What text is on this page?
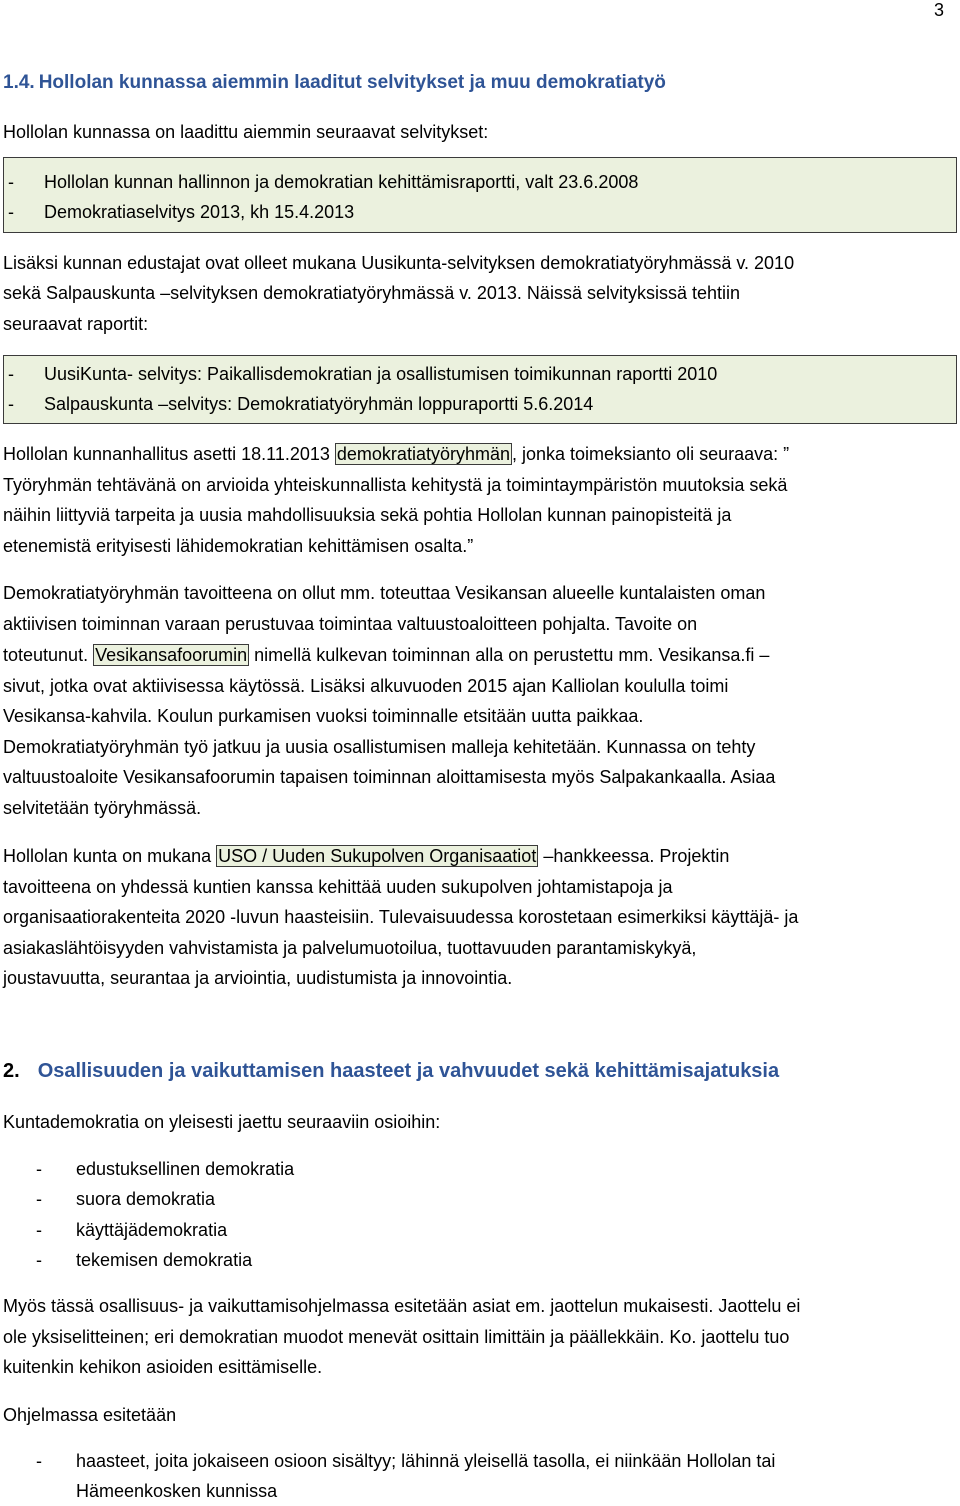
3
1.4. Hollolan kunnassa aiemmin laaditut selvitykset ja muu demokratiatyö
Hollolan kunnassa on laadittu aiemmin seuraavat selvitykset:
- Hollolan kunnan hallinnon ja demokratian kehittämisraportti, valt 23.6.2008
- Demokratiaselvitys 2013, kh 15.4.2013
Lisäksi kunnan edustajat ovat olleet mukana Uusikunta-selvityksen demokratiatyöryhmässä v. 2010
sekä Salpauskunta –selvityksen demokratiatyöryhmässä v. 2013. Näissä selvityksissä tehtiin
seuraavat raportit:
- UusiKunta- selvitys: Paikallisdemokratian ja osallistumisen toimikunnan raportti 2010
- Salpauskunta –selvitys: Demokratiatyöryhmän loppuraportti 5.6.2014
Hollolan kunnanhallitus asetti 18.11.2013 demokratiatyöryhmän , jonka toimeksianto oli seuraava: ”
Työryhmän tehtävänä on arvioida yhteiskunnallista kehitystä ja toimintaympäristön muutoksia sekä
näihin liittyviä tarpeita ja uusia mahdollisuuksia sekä pohtia Hollolan kunnan painopisteitä ja
etenemistä erityisesti lähidemokratian kehittämisen osalta.”
Demokratiatyöryhmän tavoitteena on ollut mm. toteuttaa Vesikansan alueelle kuntalaisten oman
aktiivisen toiminnan varaan perustuvaa toimintaa valtuustoaloitteen pohjalta. Tavoite on
toteutunut. Vesikansafoorumin nimellä kulkevan toiminnan alla on perustettu mm. Vesikansa.fi –
sivut, jotka ovat aktiivisessa käytössä. Lisäksi alkuvuoden 2015 ajan Kalliolan koululla toimi
Vesikansa-kahvila. Koulun purkamisen vuoksi toiminnalle etsitään uutta paikkaa.
Demokratiatyöryhmän työ jatkuu ja uusia osallistumisen malleja kehitetään. Kunnassa on tehty
valtuustoaloite Vesikansafoorumin tapaisen toiminnan aloittamisesta myös Salpakankaalla. Asiaa
selvitetään työryhmässä.
Hollolan kunta on mukana USO / Uuden Sukupolven Organisaatiot –hankkeessa. Projektin
tavoitteena on yhdessä kuntien kanssa kehittää uuden sukupolven johtamistapoja ja
organisaatiorakenteita 2020 -luvun haasteisiin. Tulevaisuudessa korostetaan esimerkiksi käyttäjä- ja
asiakaslähtöisyyden vahvistamista ja palvelumuotoilua, tuottavuuden parantamiskykyä,
joustavuutta, seurantaa ja arviointia, uudistumista ja innovointia.
2. Osallisuuden ja vaikuttamisen haasteet ja vahvuudet sekä kehittämisajatuksia
Kuntademokratia on yleisesti jaettu seuraaviin osioihin:
- edustuksellinen demokratia
- suora demokratia
- käyttäjädemokratia
- tekemisen demokratia
Myös tässä osallisuus- ja vaikuttamisohjelmassa esitetään asiat em. jaottelun mukaisesti. Jaottelu ei
ole yksiselitteinen; eri demokratian muodot menevät osittain limittäin ja päällekkäin. Ko. jaottelu tuo
kuitenkin kehikon asioiden esittämiselle.
Ohjelmassa esitetään
- haasteet, joita jokaiseen osioon sisältyy; lähinnä yleisellä tasolla, ei niinkään Hollolan tai
Hämeenkosken kunnissa
